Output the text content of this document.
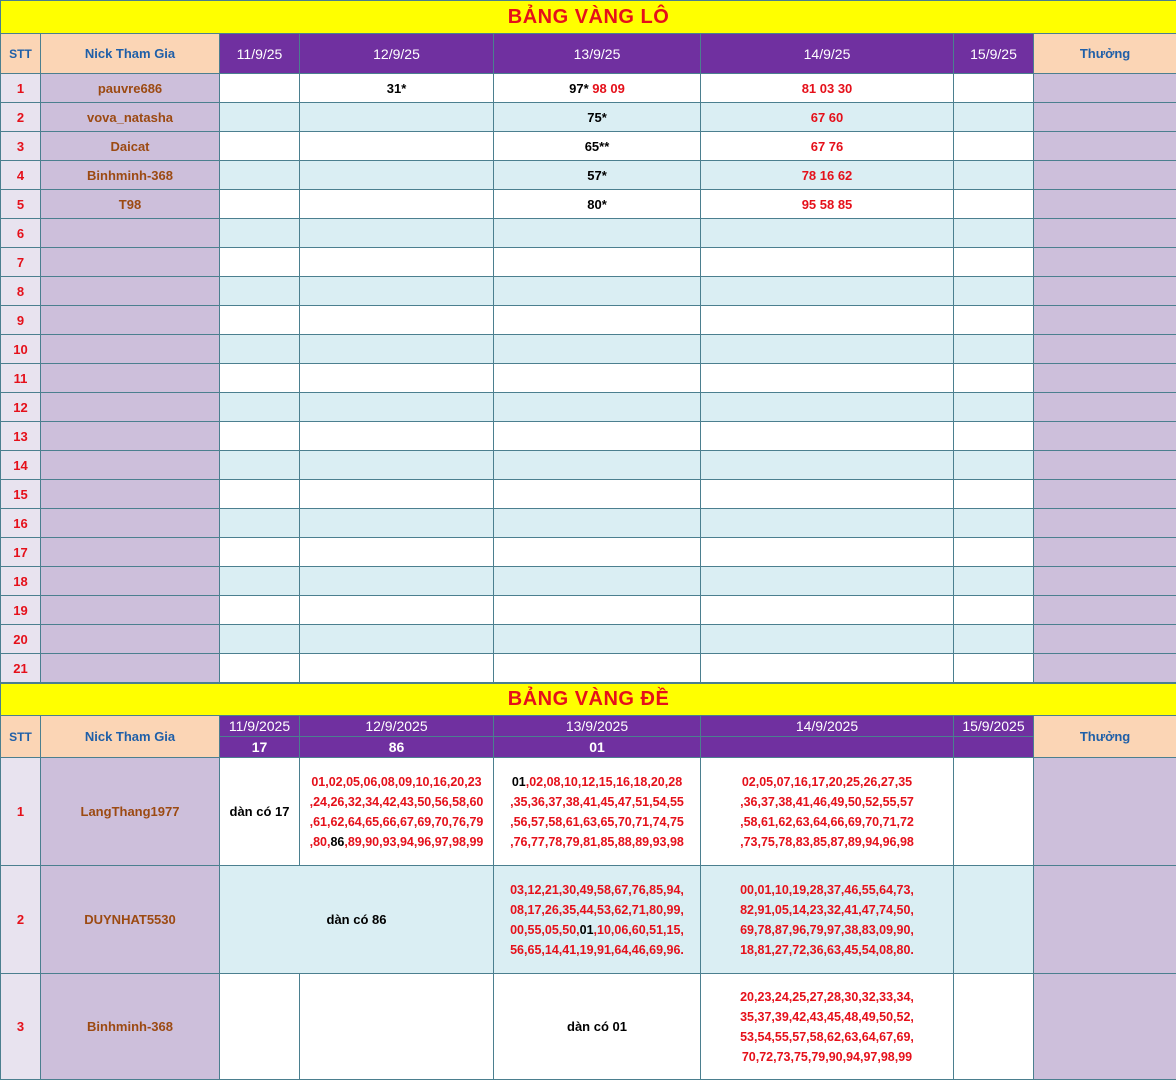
BẢNG VÀNG LÔ							
STT	Nick Tham Gia	11/9/25	12/9/25	13/9/25	14/9/25	15/9/25	Thưởng
1	pauvre686		31*	97* 98 09	81 03 30		
2	vova_natasha			75*	67 60		
3	Daicat			65**	67 76		
4	Binhminh-368			57*	78 16 62		
5	T98			80*	95 58 85		
6							
7							
8							
9							
10							
11							
12							
13							
14							
15							
16							
17							
18							
19							
20							
21							
BẢNG VÀNG ĐỀ							
STT	Nick Tham Gia	11/9/2025	12/9/2025	13/9/2025	14/9/2025	15/9/2025	Thưởng
		17	86	01			
1	LangThang1977	dàn có 17	01,02,05,06,08,09,10,16,20,23
,24,26,32,34,42,43,50,56,58,60
,61,62,64,65,66,67,69,70,76,79
,80,86,89,90,93,94,96,97,98,99	01,02,08,10,12,15,16,18,20,28
,35,36,37,38,41,45,47,51,54,55
,56,57,58,61,63,65,70,71,74,75
,76,77,78,79,81,85,88,89,93,98	02,05,07,16,17,20,25,26,27,35
,36,37,38,41,46,49,50,52,55,57
,58,61,62,63,64,66,69,70,71,72
,73,75,78,83,85,87,89,94,96,98		
2	DUYNHAT5530	dàn có 86		03,12,21,30,49,58,67,76,85,94,
08,17,26,35,44,53,62,71,80,99,
00,55,05,50,01,10,06,60,51,15,
56,65,14,41,19,91,64,46,69,96.	00,01,10,19,28,37,46,55,64,73,
82,91,05,14,23,32,41,47,74,50,
69,78,87,96,79,97,38,83,09,90,
18,81,27,72,36,63,45,54,08,80.		
3	Binhminh-368			dàn có 01	20,23,24,25,27,28,30,32,33,34,
35,37,39,42,43,45,48,49,50,52,
53,54,55,57,58,62,63,64,67,69,
70,72,73,75,79,90,94,97,98,99		
